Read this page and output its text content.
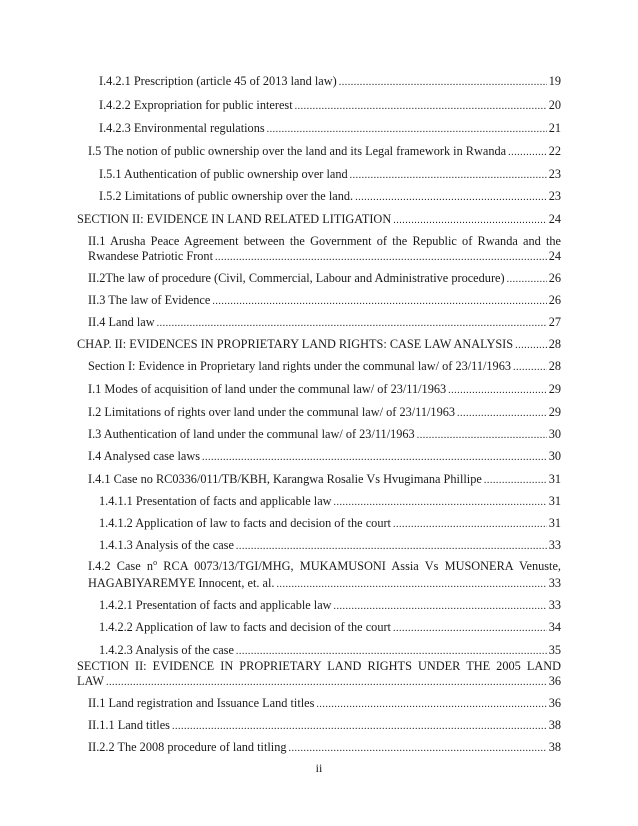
I.4.2.1 Prescription (article 45 of 2013 land law) .....	19
I.4.2.2 Expropriation for public interest .....	20
I.4.2.3 Environmental regulations .....	21
I.5 The notion of public ownership over the land and its Legal framework in Rwanda .....	22
I.5.1 Authentication of public ownership over land .....	23
I.5.2 Limitations of public ownership over the land. .....	23
SECTION II: EVIDENCE IN LAND RELATED LITIGATION .....	24
II.1 Arusha Peace Agreement between the Government of the Republic of Rwanda and the
Rwandese Patriotic Front .....	24
II.2The law of procedure (Civil, Commercial, Labour and Administrative procedure) .....	26
II.3 The law of Evidence .....	26
II.4 Land law .....	27
CHAP. II: EVIDENCES IN PROPRIETARY LAND RIGHTS: CASE LAW ANALYSIS .....	28
Section I: Evidence in Proprietary land rights under the communal law/ of 23/11/1963 .....	28
I.1 Modes of acquisition of land under the communal law/ of 23/11/1963 .....	29
I.2 Limitations of rights over land under the communal law/ of 23/11/1963 .....	29
I.3 Authentication of land under the communal law/ of 23/11/1963 .....	30
I.4 Analysed case laws .....	30
I.4.1 Case no RC0336/011/TB/KBH, Karangwa Rosalie Vs Hvugimana Phillipe .....	31
1.4.1.1 Presentation of facts and applicable law .....	31
1.4.1.2 Application of law to facts and decision of the court .....	31
1.4.1.3 Analysis of the case .....	33
I.4.2 Case $n^o$ RCA 0073/13/TGI/MHG, MUKAMUSONI Assia Vs MUSONERA Venuste,
HAGABIYAREMYE Innocent, et. al. .....	33
1.4.2.1 Presentation of facts and applicable law .....	33
1.4.2.2 Application of law to facts and decision of the court .....	34
1.4.2.3 Analysis of the case .....	35
SECTION II: EVIDENCE IN PROPRIETARY LAND RIGHTS UNDER THE 2005 LAND
LAW .....	36
II.1 Land registration and Issuance Land titles .....	36
II.1.1 Land titles .....	38
II.2.2 The 2008 procedure of land titling .....	38
ii
